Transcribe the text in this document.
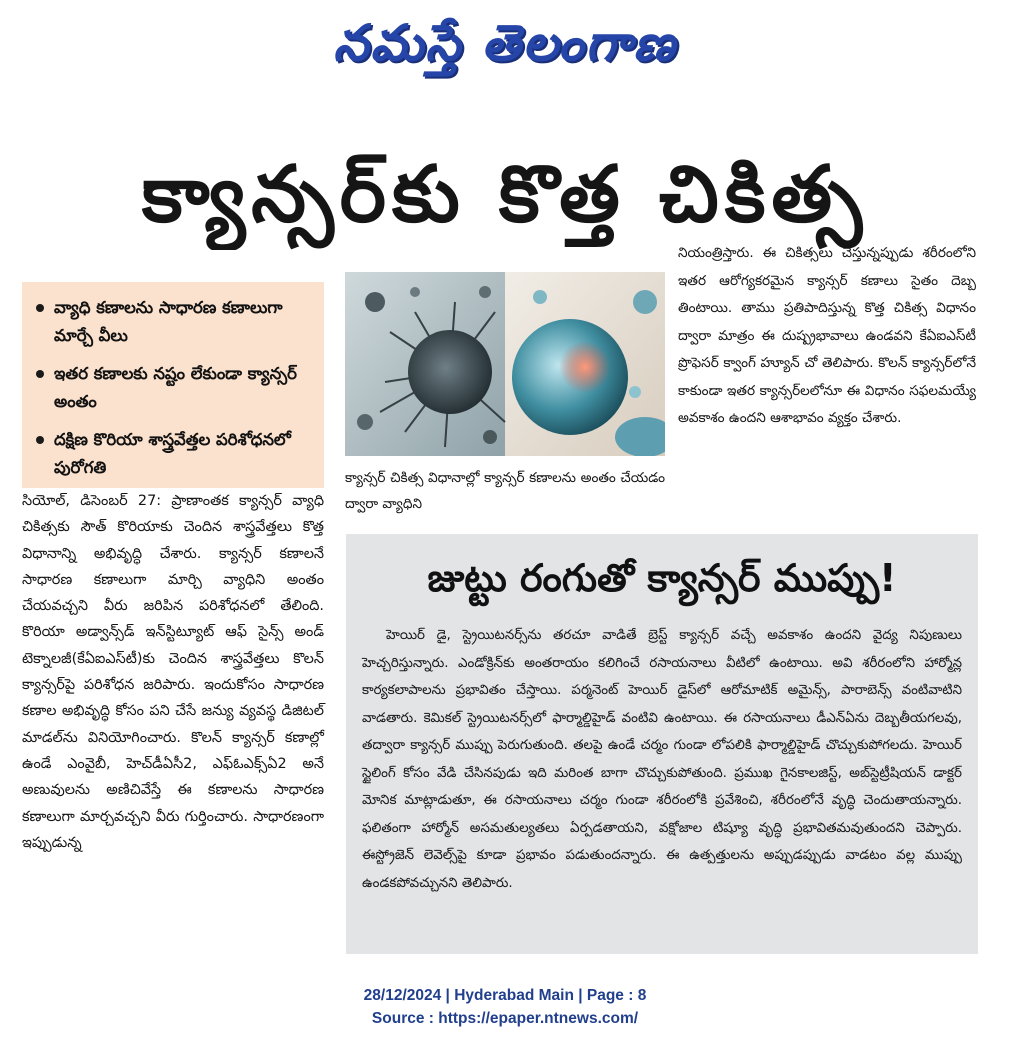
నమస్తే తెలంగాణ
క్యాన్సర్‌కు కొత్త చికిత్స
వ్యాధి కణాలను సాధారణ కణాలుగా మార్చే వీలు
ఇతర కణాలకు నష్టం లేకుండా క్యాన్సర్ అంతం
దక్షిణ కొరియా శాస్త్రవేత్తల పరిశోధనలో పురోగతి
క్యాన్సర్ చికిత్స విధానాల్లో క్యాన్సర్ కణాలను అంతం చేయడం ద్వారా వ్యాధిని
నియంత్రిస్తారు. ఈ చికిత్సలు చేస్తున్నప్పుడు శరీరంలోని ఇతర ఆరోగ్యకరమైన క్యాన్సర్ కణాలు సైతం దెబ్బ తింటాయి. తాము ప్రతిపాదిస్తున్న కొత్త చికిత్స విధానం ద్వారా మాత్రం ఈ దుష్ప్రభావాలు ఉండవని కేఏఐఎస్‌టీ ప్రొఫెసర్ క్వాంగ్ హ్యూన్ చో తెలిపారు. కొలన్ క్యాన్సర్‌లోనే కాకుండా ఇతర క్యాన్సర్‌లలోనూ ఈ విధానం సఫలమయ్యే అవకాశం ఉందని ఆశాభావం వ్యక్తం చేశారు.
సియోల్, డిసెంబర్ 27: ప్రాణాంతక క్యాన్సర్ వ్యాధి చికిత్సకు సౌత్ కొరియాకు చెందిన శాస్త్రవేత్తలు కొత్త విధానాన్ని అభివృద్ధి చేశారు. క్యాన్సర్ కణాలనే సాధారణ కణాలుగా మార్చి వ్యాధిని అంతం చేయవచ్చని వీరు జరిపిన పరిశోధనలో తేలింది. కొరియా అడ్వాన్స్‌డ్ ఇన్‌స్టిట్యూట్ ఆఫ్ సైన్స్ అండ్ టెక్నాలజీ(కేఏఐఎస్‌టీ)కు చెందిన శాస్త్రవేత్తలు కొలన్ క్యాన్సర్‌పై పరిశోధన జరిపారు. ఇందుకోసం సాధారణ కణాల అభివృద్ధి కోసం పని చేసే జన్యు వ్యవస్థ డిజిటల్ మాడల్‌ను వినియోగించారు. కొలన్ క్యాన్సర్ కణాల్లో ఉండే ఎంవైబీ, హెచ్‌డీఏసీ2, ఎఫ్‌ఓఎక్స్‌ఏ2 అనే అణువులను అణిచివేస్తే ఈ కణాలను సాధారణ కణాలుగా మార్చవచ్చని వీరు గుర్తించారు. సాధారణంగా ఇప్పుడున్న
జుట్టు రంగుతో క్యాన్సర్ ముప్పు!
హెయిర్ డై, స్ట్రెయిటనర్స్‌ను తరచూ వాడితే బ్రెస్ట్ క్యాన్సర్ వచ్చే అవకాశం ఉందని వైద్య నిపుణులు హెచ్చరిస్తున్నారు. ఎండోక్రిన్‌కు అంతరాయం కలిగించే రసాయనాలు వీటిలో ఉంటాయి. అవి శరీరంలోని హార్మోన్ల కార్యకలాపాలను ప్రభావితం చేస్తాయి. పర్మనెంట్ హెయిర్ డైస్‌లో ఆరోమాటిక్ అమైన్స్, పారాబెన్స్ వంటివాటిని వాడతారు. కెమికల్ స్ట్రెయిటనర్స్‌లో ఫార్మాల్డిహైడ్ వంటివి ఉంటాయి. ఈ రసాయనాలు డీఎన్‌ఏను దెబ్బతీయగలవు, తద్వారా క్యాన్సర్ ముప్పు పెరుగుతుంది. తలపై ఉండే చర్మం గుండా లోపలికి ఫార్మాల్డిహైడ్ చొచ్చుకుపోగలదు. హెయిర్ స్టైలింగ్ కోసం వేడి చేసినపుడు ఇది మరింత బాగా చొచ్చుకుపోతుంది. ప్రముఖ గైనకాలజిస్ట్, అబ్‌స్టెట్రీషియన్ డాక్టర్ మోనిక మాట్లాడుతూ, ఈ రసాయనాలు చర్మం గుండా శరీరంలోకి ప్రవేశించి, శరీరంలోనే వృద్ధి చెందుతాయన్నారు. ఫలితంగా హార్మోన్ అసమతుల్యతలు ఏర్పడతాయని, వక్షోజాల టిష్యూ వృద్ధి ప్రభావితమవుతుందని చెప్పారు. ఈస్ట్రోజెన్ లెవెల్స్‌పై కూడా ప్రభావం పడుతుందన్నారు. ఈ ఉత్పత్తులను అప్పుడప్పుడు వాడటం వల్ల ముప్పు ఉండకపోవచ్చునని తెలిపారు.
28/12/2024 | Hyderabad Main | Page : 8
Source : https://epaper.ntnews.com/
